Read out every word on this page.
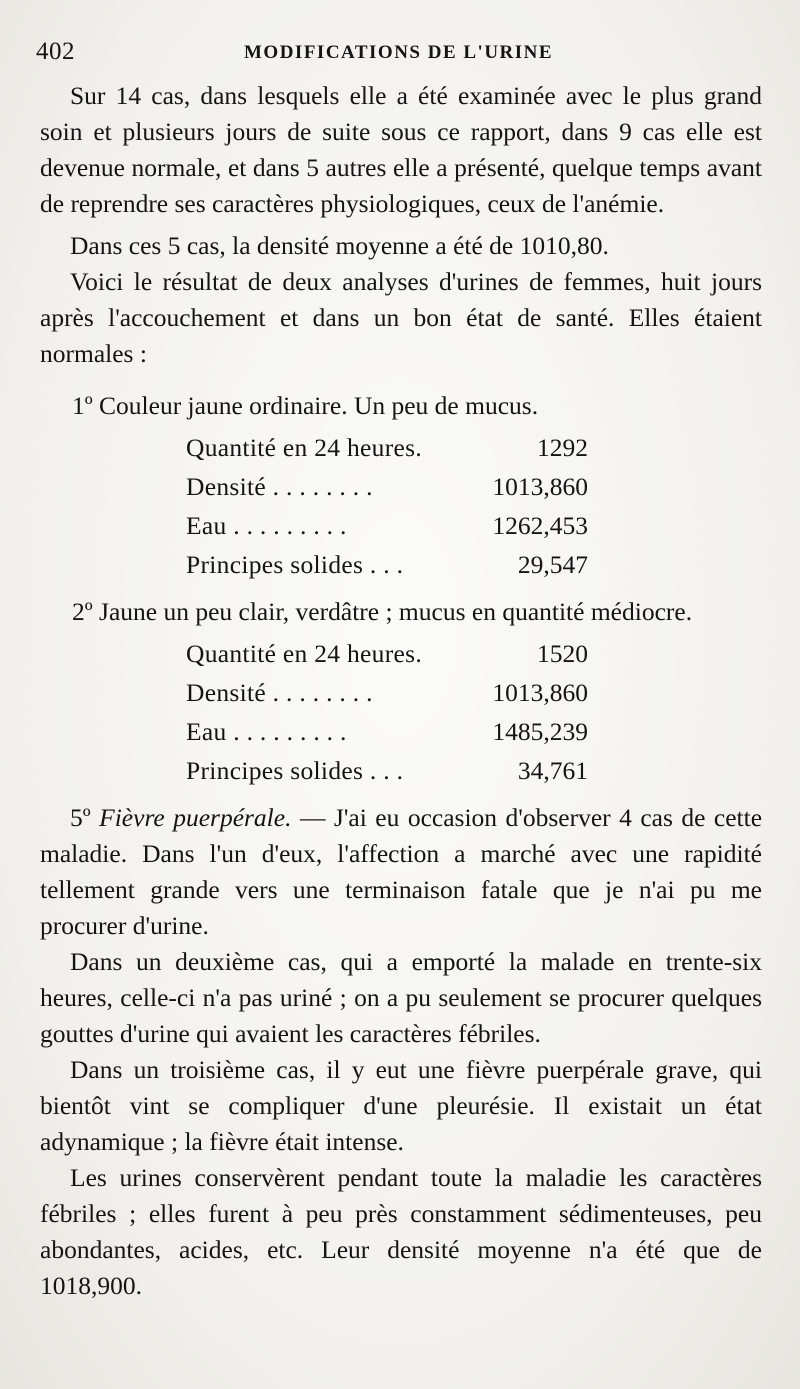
402	MODIFICATIONS DE L'URINE

Sur 14 cas, dans lesquels elle a été examinée avec le plus grand soin et plusieurs jours de suite sous ce rapport, dans 9 cas elle est devenue normale, et dans 5 autres elle a présenté, quelque temps avant de reprendre ses caractères physiologiques, ceux de l'anémie.

Dans ces 5 cas, la densité moyenne a été de 1010,80.

Voici le résultat de deux analyses d'urines de femmes, huit jours après l'accouchement et dans un bon état de santé. Elles étaient normales :

1º Couleur jaune ordinaire. Un peu de mucus.

Quantité en 24 heures.	1292
Densité . . . . . . . .	1013,860
Eau . . . . . . . . .	1262,453
Principes solides . . .	29,547

2º Jaune un peu clair, verdâtre ; mucus en quantité médiocre.

Quantité en 24 heures.	1520
Densité . . . . . . . .	1013,860
Eau . . . . . . . . .	1485,239
Principes solides . . .	34,761

5º Fièvre puerpérale. — J'ai eu occasion d'observer 4 cas de cette maladie. Dans l'un d'eux, l'affection a marché avec une rapidité tellement grande vers une terminaison fatale que je n'ai pu me procurer d'urine.

Dans un deuxième cas, qui a emporté la malade en trente-six heures, celle-ci n'a pas uriné ; on a pu seulement se procurer quelques gouttes d'urine qui avaient les caractères fébriles.

Dans un troisième cas, il y eut une fièvre puerpérale grave, qui bientôt vint se compliquer d'une pleurésie. Il existait un état adynamique ; la fièvre était intense.

Les urines conservèrent pendant toute la maladie les caractères fébriles ; elles furent à peu près constamment sédimenteuses, peu abondantes, acides, etc. Leur densité moyenne n'a été que de 1018,900.
